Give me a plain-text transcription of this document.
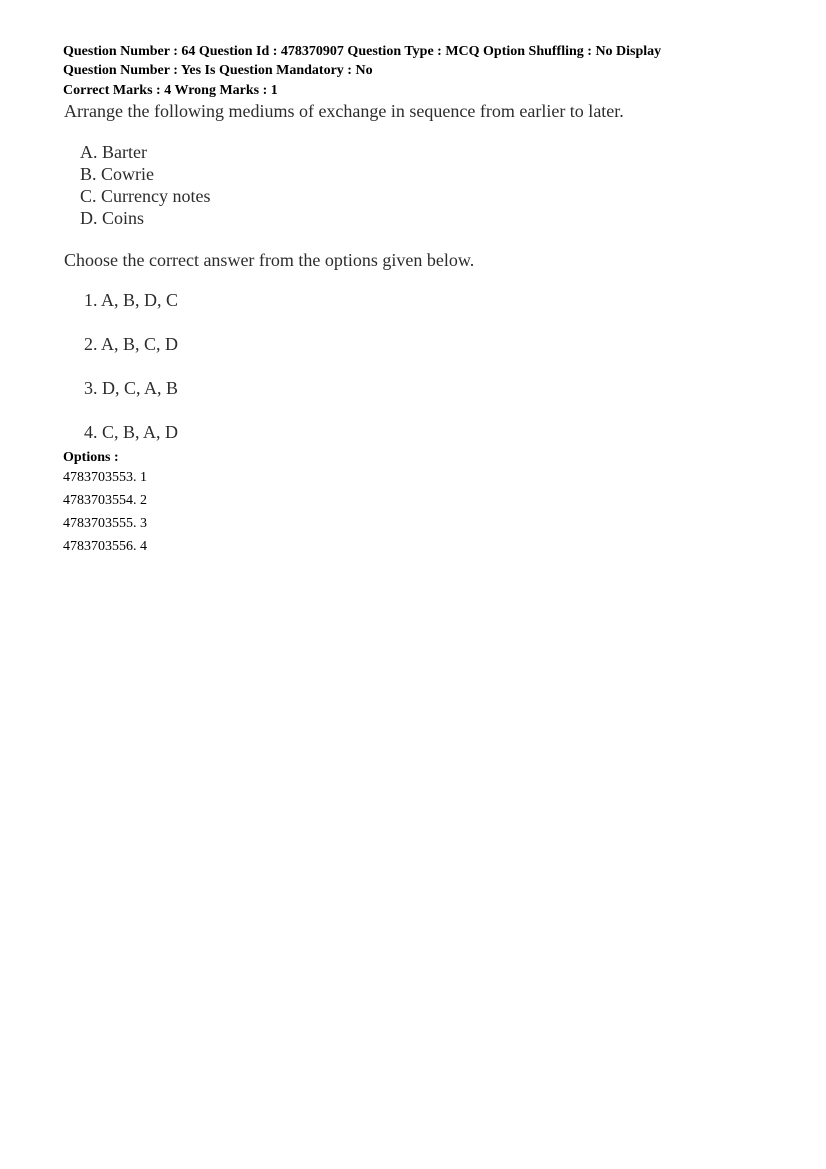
Question Number : 64 Question Id : 478370907 Question Type : MCQ Option Shuffling : No Display
Question Number : Yes Is Question Mandatory : No
Correct Marks : 4 Wrong Marks : 1
Arrange the following mediums of exchange in sequence from earlier to later.
A. Barter
B. Cowrie
C. Currency notes
D. Coins
Choose the correct answer from the options given below.
1. A, B, D, C
2. A, B, C, D
3. D, C, A, B
4. C, B, A, D
Options :
4783703553. 1
4783703554. 2
4783703555. 3
4783703556. 4
